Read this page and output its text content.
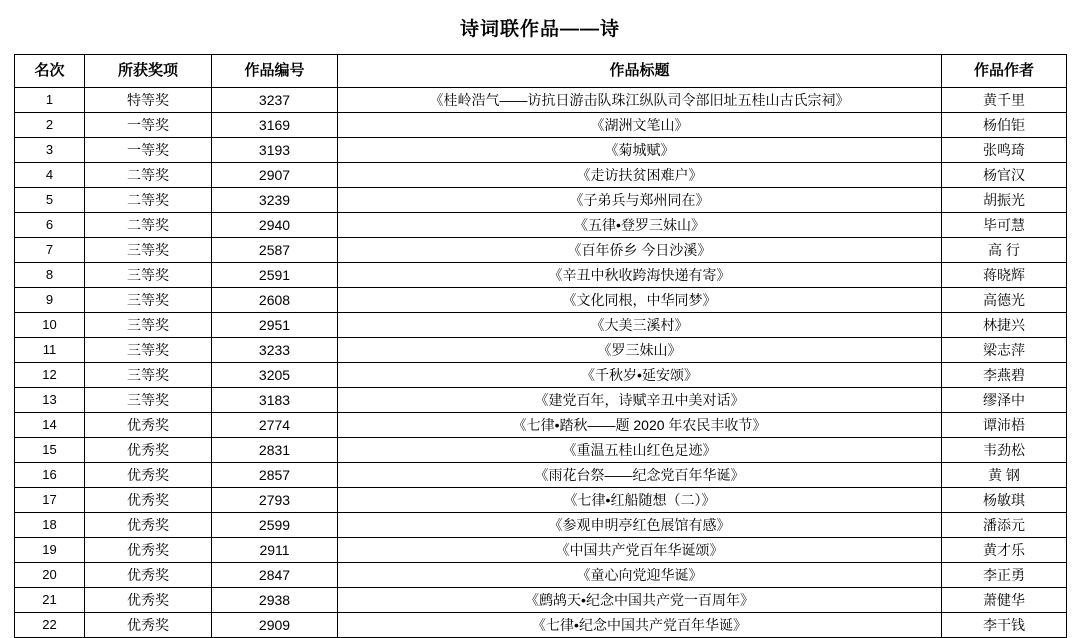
诗词联作品——诗
名次	所获奖项	作品编号	作品标题	作品作者
1	特等奖	3237	《桂岭浩气——访抗日游击队珠江纵队司令部旧址五桂山古氏宗祠》	黄千里
2	一等奖	3169	《湖洲文笔山》	杨伯钜
3	一等奖	3193	《菊城赋》	张鸣琦
4	二等奖	2907	《走访扶贫困难户》	杨官汉
5	二等奖	3239	《子弟兵与郑州同在》	胡振光
6	二等奖	2940	《五律•登罗三妹山》	毕可慧
7	三等奖	2587	《百年侨乡 今日沙溪》	高 行
8	三等奖	2591	《辛丑中秋收跨海快递有寄》	蒋晓辉
9	三等奖	2608	《文化同根，中华同梦》	高德光
10	三等奖	2951	《大美三溪村》	林捷兴
11	三等奖	3233	《罗三妹山》	梁志萍
12	三等奖	3205	《千秋岁•延安颂》	李燕碧
13	三等奖	3183	《建党百年，诗赋辛丑中美对话》	缪泽中
14	优秀奖	2774	《七律•踏秋——题 2020 年农民丰收节》	谭沛梧
15	优秀奖	2831	《重温五桂山红色足迹》	韦劲松
16	优秀奖	2857	《雨花台祭——纪念党百年华诞》	黄 钢
17	优秀奖	2793	《七律•红船随想（二）》	杨敏琪
18	优秀奖	2599	《参观申明亭红色展馆有感》	潘添元
19	优秀奖	2911	《中国共产党百年华诞颂》	黄才乐
20	优秀奖	2847	《童心向党迎华诞》	李正勇
21	优秀奖	2938	《鹧鸪天•纪念中国共产党一百周年》	萧健华
22	优秀奖	2909	《七律•纪念中国共产党百年华诞》	李干钱
